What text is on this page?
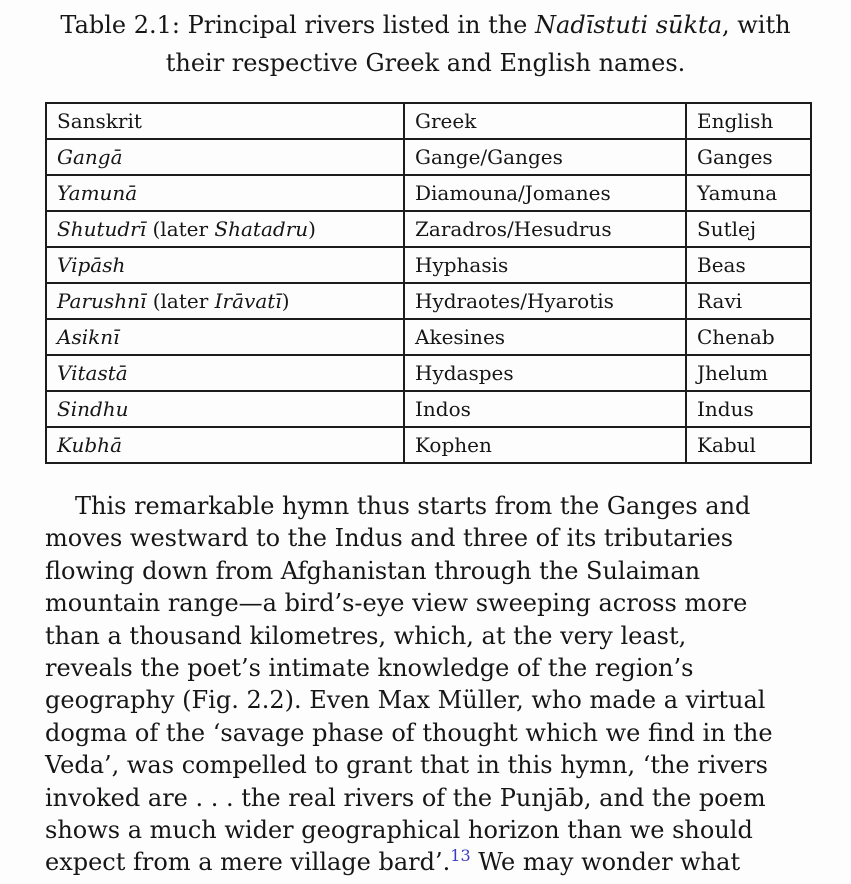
Table 2.1: Principal rivers listed in the Nadīstuti sūkta, with
their respective Greek and English names.
Sanskrit	Greek	English
Gangā	Gange/Ganges	Ganges
Yamunā	Diamouna/Jomanes	Yamuna
Shutudrī (later Shatadru)	Zaradros/Hesudrus	Sutlej
Vipāsh	Hyphasis	Beas
Parushnī (later Irāvatī)	Hydraotes/Hyarotis	Ravi
Asiknī	Akesines	Chenab
Vitastā	Hydaspes	Jhelum
Sindhu	Indos	Indus
Kubhā	Kophen	Kabul
This remarkable hymn thus starts from the Ganges and
moves westward to the Indus and three of its tributaries
flowing down from Afghanistan through the Sulaiman
mountain range—a bird’s-eye view sweeping across more
than a thousand kilometres, which, at the very least,
reveals the poet’s intimate knowledge of the region’s
geography (Fig. 2.2). Even Max Müller, who made a virtual
dogma of the ‘savage phase of thought which we find in the
Veda’, was compelled to grant that in this hymn, ‘the rivers
invoked are . . . the real rivers of the Punjāb, and the poem
shows a much wider geographical horizon than we should
expect from a mere village bard’.$^{13}$ We may wonder what
